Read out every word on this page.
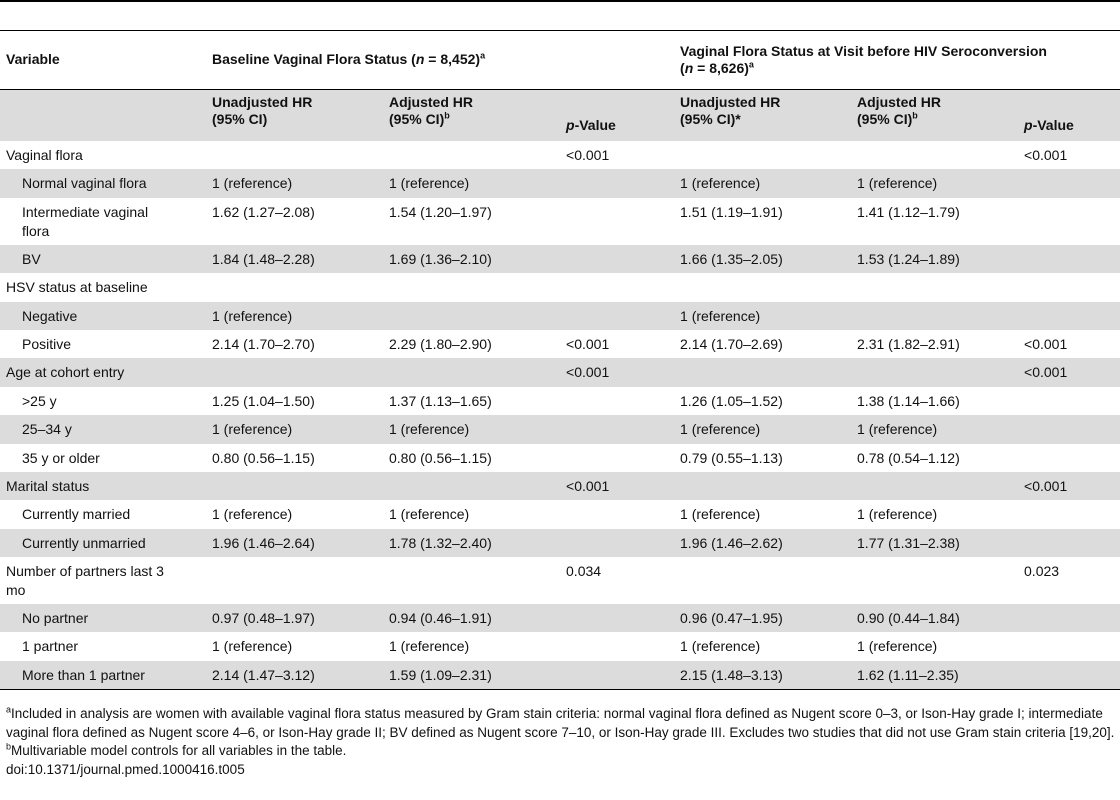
Variable	Baseline Vaginal Flora Status (n = 8,452)$^a$			Vaginal Flora Status at Visit before HIV Seroconversion
(n = 8,626)$^a$
	Unadjusted HR
(95% CI)	Adjusted HR
(95% CI)$^b$	p-Value	Unadjusted HR
(95% CI)*	Adjusted HR
(95% CI)$^b$	p-Value
Vaginal flora			<0.001			<0.001
Normal vaginal flora	1 (reference)	1 (reference)		1 (reference)	1 (reference)	
Intermediate vaginal flora	1.62 (1.27–2.08)	1.54 (1.20–1.97)		1.51 (1.19–1.91)	1.41 (1.12–1.79)	
BV	1.84 (1.48–2.28)	1.69 (1.36–2.10)		1.66 (1.35–2.05)	1.53 (1.24–1.89)	
HSV status at baseline						
Negative	1 (reference)			1 (reference)		
Positive	2.14 (1.70–2.70)	2.29 (1.80–2.90)	<0.001	2.14 (1.70–2.69)	2.31 (1.82–2.91)	<0.001
Age at cohort entry			<0.001			<0.001
>25 y	1.25 (1.04–1.50)	1.37 (1.13–1.65)		1.26 (1.05–1.52)	1.38 (1.14–1.66)	
25–34 y	1 (reference)	1 (reference)		1 (reference)	1 (reference)	
35 y or older	0.80 (0.56–1.15)	0.80 (0.56–1.15)		0.79 (0.55–1.13)	0.78 (0.54–1.12)	
Marital status			<0.001			<0.001
Currently married	1 (reference)	1 (reference)		1 (reference)	1 (reference)	
Currently unmarried	1.96 (1.46–2.64)	1.78 (1.32–2.40)		1.96 (1.46–2.62)	1.77 (1.31–2.38)	
Number of partners last 3 mo			0.034			0.023
No partner	0.97 (0.48–1.97)	0.94 (0.46–1.91)		0.96 (0.47–1.95)	0.90 (0.44–1.84)	
1 partner	1 (reference)	1 (reference)		1 (reference)	1 (reference)	
More than 1 partner	2.14 (1.47–3.12)	1.59 (1.09–2.31)		2.15 (1.48–3.13)	1.62 (1.11–2.35)	

$^a$Included in analysis are women with available vaginal flora status measured by Gram stain criteria: normal vaginal flora defined as Nugent score 0–3, or Ison-Hay grade I; intermediate vaginal flora defined as Nugent score 4–6, or Ison-Hay grade II; BV defined as Nugent score 7–10, or Ison-Hay grade III. Excludes two studies that did not use Gram stain criteria [19,20].

$^b$Multivariable model controls for all variables in the table.

doi:10.1371/journal.pmed.1000416.t005
